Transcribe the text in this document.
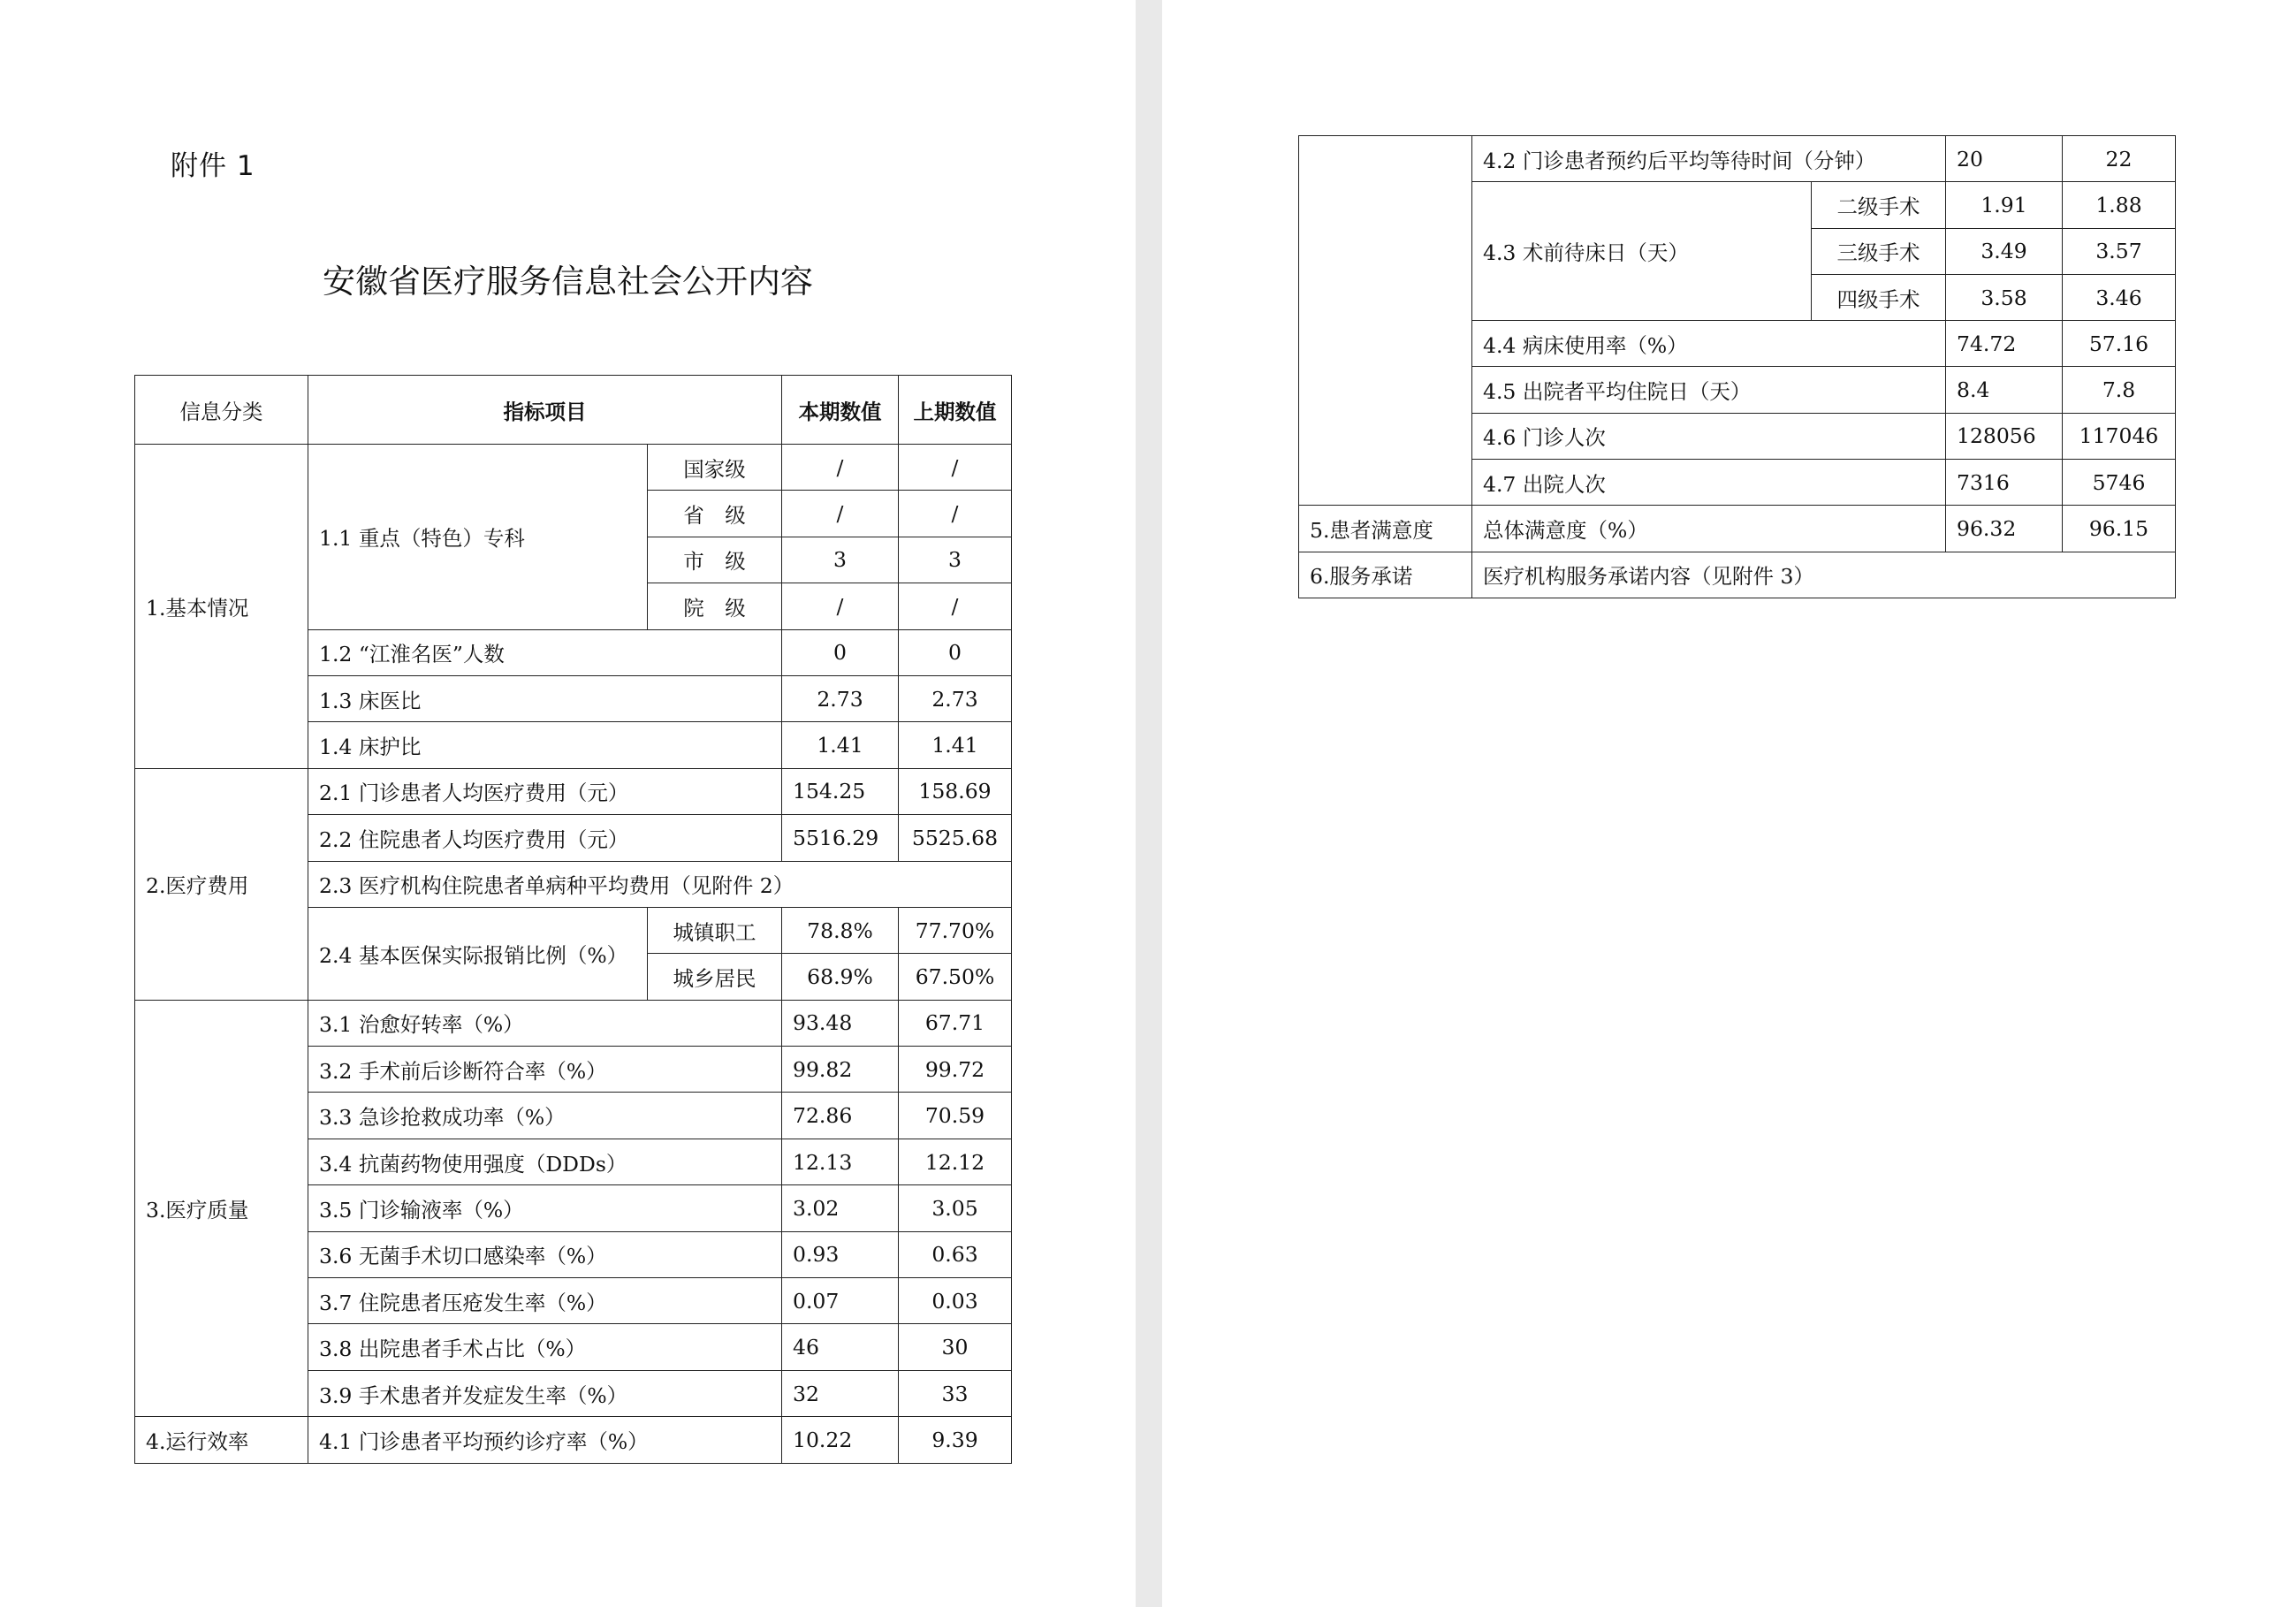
附件 1
安徽省医疗服务信息社会公开内容
信息分类	指标项目		本期数值	上期数值
1.基本情况	1.1 重点（特色）专科	国家级	/	/
		省　级	/	/
		市　级	3	3
		院　级	/	/
	1.2 “江淮名医”人数		0	0
	1.3 床医比		2.73	2.73
	1.4 床护比		1.41	1.41
2.医疗费用	2.1 门诊患者人均医疗费用（元）		154.25	158.69
	2.2 住院患者人均医疗费用（元）		5516.29	5525.68
	2.3 医疗机构住院患者单病种平均费用（见附件 2）			
	2.4 基本医保实际报销比例（%）	城镇职工	78.8%	77.70%
		城乡居民	68.9%	67.50%
3.医疗质量	3.1 治愈好转率（%）		93.48	67.71
	3.2 手术前后诊断符合率（%）		99.82	99.72
	3.3 急诊抢救成功率（%）		72.86	70.59
	3.4 抗菌药物使用强度（DDDs）		12.13	12.12
	3.5 门诊输液率（%）		3.02	3.05
	3.6 无菌手术切口感染率（%）		0.93	0.63
	3.7 住院患者压疮发生率（%）		0.07	0.03
	3.8 出院患者手术占比（%）		46	30
	3.9 手术患者并发症发生率（%）		32	33
4.运行效率	4.1 门诊患者平均预约诊疗率（%）		10.22	9.39
	4.2 门诊患者预约后平均等待时间（分钟）		20	22
	4.3 术前待床日（天）	二级手术	1.91	1.88
		三级手术	3.49	3.57
		四级手术	3.58	3.46
	4.4 病床使用率（%）		74.72	57.16
	4.5 出院者平均住院日（天）		8.4	7.8
	4.6 门诊人次		128056	117046
	4.7 出院人次		7316	5746
5.患者满意度	总体满意度（%）		96.32	96.15
6.服务承诺	医疗机构服务承诺内容（见附件 3）			
